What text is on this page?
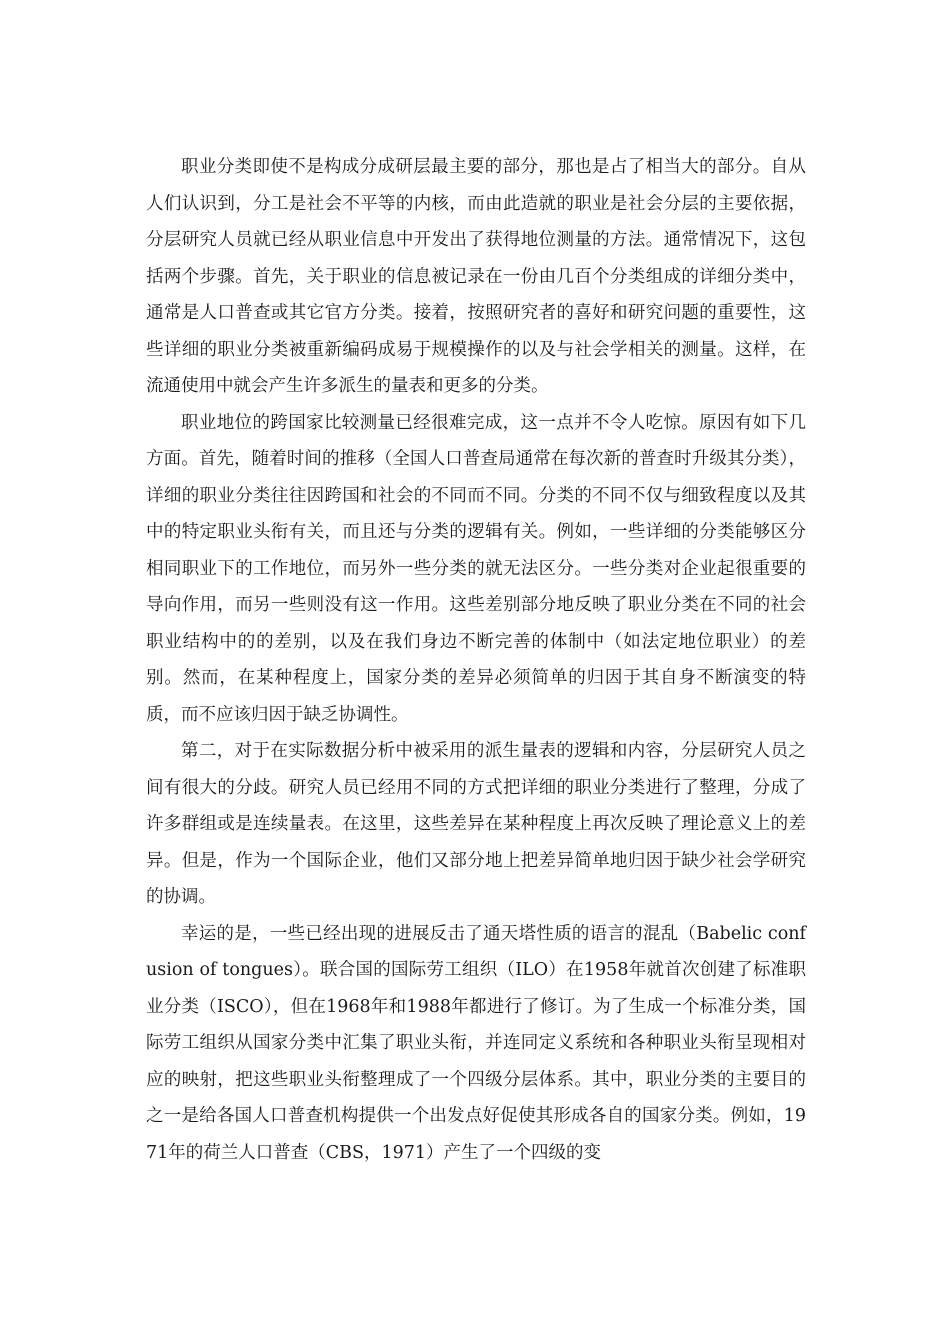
职业分类即使不是构成分成研层最主要的部分，那也是占了相当大的部分。自从人们认识到，分工是社会不平等的内核，而由此造就的职业是社会分层的主要依据，分层研究人员就已经从职业信息中开发出了获得地位测量的方法。通常情况下，这包括两个步骤。首先，关于职业的信息被记录在一份由几百个分类组成的详细分类中，通常是人口普查或其它官方分类。接着，按照研究者的喜好和研究问题的重要性，这些详细的职业分类被重新编码成易于规模操作的以及与社会学相关的测量。这样，在流通使用中就会产生许多派生的量表和更多的分类。

职业地位的跨国家比较测量已经很难完成，这一点并不令人吃惊。原因有如下几方面。首先，随着时间的推移（全国人口普查局通常在每次新的普查时升级其分类），详细的职业分类往往因跨国和社会的不同而不同。分类的不同不仅与细致程度以及其中的特定职业头衔有关，而且还与分类的逻辑有关。例如，一些详细的分类能够区分相同职业下的工作地位，而另外一些分类的就无法区分。一些分类对企业起很重要的导向作用，而另一些则没有这一作用。这些差别部分地反映了职业分类在不同的社会职业结构中的的差别，以及在我们身边不断完善的体制中（如法定地位职业）的差别。然而，在某种程度上，国家分类的差异必须简单的归因于其自身不断演变的特质，而不应该归因于缺乏协调性。

第二，对于在实际数据分析中被采用的派生量表的逻辑和内容，分层研究人员之间有很大的分歧。研究人员已经用不同的方式把详细的职业分类进行了整理，分成了许多群组或是连续量表。在这里，这些差异在某种程度上再次反映了理论意义上的差异。但是，作为一个国际企业，他们又部分地上把差异简单地归因于缺少社会学研究的协调。

幸运的是，一些已经出现的进展反击了通天塔性质的语言的混乱（Babelic confusion of tongues）。联合国的国际劳工组织（ILO）在1958年就首次创建了标准职业分类（ISCO），但在1968年和1988年都进行了修订。为了生成一个标准分类，国际劳工组织从国家分类中汇集了职业头衔，并连同定义系统和各种职业头衔呈现相对应的映射，把这些职业头衔整理成了一个四级分层体系。其中，职业分类的主要目的之一是给各国人口普查机构提供一个出发点好促使其形成各自的国家分类。例如，1971年的荷兰人口普查（CBS，1971）产生了一个四级的变
